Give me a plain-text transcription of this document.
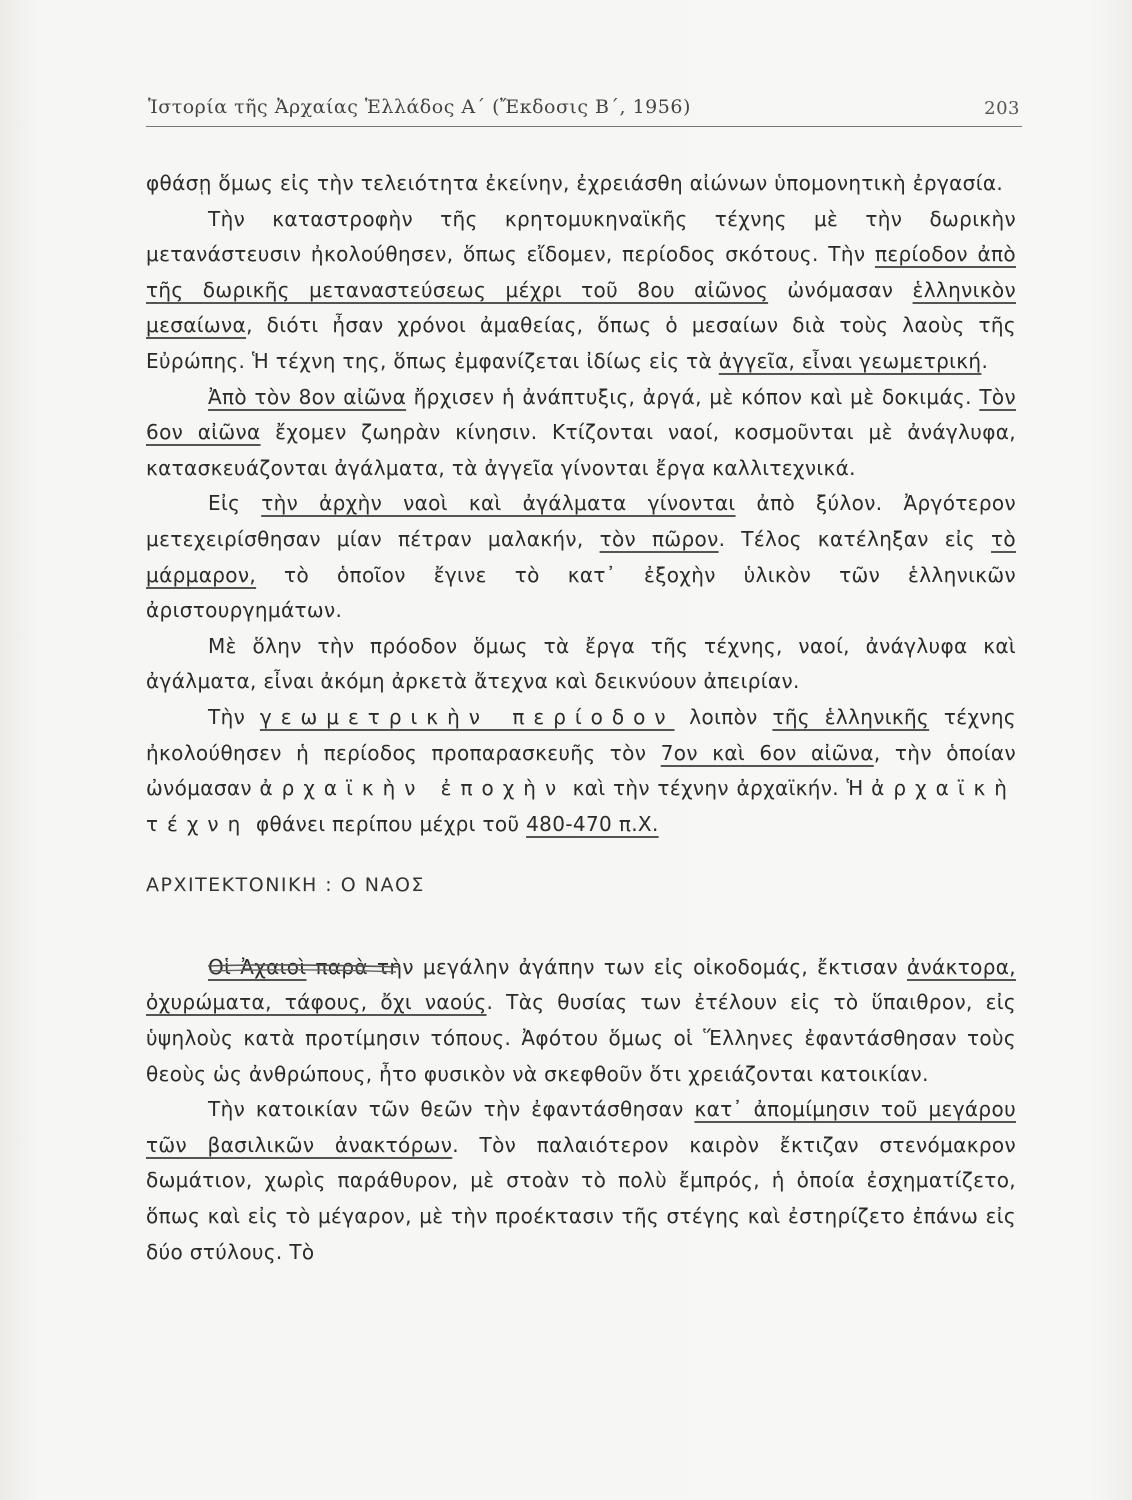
Ἱστορία τῆς Ἀρχαίας Ἑλλάδος Α΄ (Ἔκδοσις Β΄, 1956)	203

φθάσῃ ὅμως εἰς τὴν τελειότητα ἐκείνην, ἐχρειάσθη αἰώνων ὑπομονητικὴ ἐργασία.

Τὴν καταστροφὴν τῆς κρητομυκηναϊκῆς τέχνης μὲ τὴν δωρικὴν μετανάστευσιν ἠκολούθησεν, ὅπως εἴδομεν, περίοδος σκότους. Τὴν περίοδον ἀπὸ τῆς δωρικῆς μεταναστεύσεως μέχρι τοῦ 8ου αἰῶνος ὠνόμασαν ἑλληνικὸν μεσαίωνα, διότι ἦσαν χρόνοι ἀμαθείας, ὅπως ὁ μεσαίων διὰ τοὺς λαοὺς τῆς Εὐρώπης. Ἡ τέχνη της, ὅπως ἐμφανίζεται ἰδίως εἰς τὰ ἀγγεῖα, εἶναι γεωμετρική.

Ἀπὸ τὸν 8ον αἰῶνα ἤρχισεν ἡ ἀνάπτυξις, ἀργά, μὲ κόπον καὶ μὲ δοκιμάς. Τὸν 6ον αἰῶνα ἔχομεν ζωηρὰν κίνησιν. Κτίζονται ναοί, κοσμοῦνται μὲ ἀνάγλυφα, κατασκευάζονται ἀγάλματα, τὰ ἀγγεῖα γίνονται ἔργα καλλιτεχνικά.

Εἰς τὴν ἀρχὴν ναοὶ καὶ ἀγάλματα γίνονται ἀπὸ ξύλον. Ἀργότερον μετεχειρίσθησαν μίαν πέτραν μαλακήν, τὸν πῶρον. Τέλος κατέληξαν εἰς τὸ μάρμαρον, τὸ ὁποῖον ἔγινε τὸ κατ᾽ ἐξοχὴν ὑλικὸν τῶν ἑλληνικῶν ἀριστουργημάτων.

Μὲ ὅλην τὴν πρόοδον ὅμως τὰ ἔργα τῆς τέχνης, ναοί, ἀνάγλυφα καὶ ἀγάλματα, εἶναι ἀκόμη ἀρκετὰ ἄτεχνα καὶ δεικνύουν ἀπειρίαν.

Τὴν γεωμετρικὴν περίοδον λοιπὸν τῆς ἑλληνικῆς τέχνης ἠκολούθησεν ἡ περίοδος προπαρασκευῆς τὸν 7ον καὶ 6ον αἰῶνα, τὴν ὁποίαν ὠνόμασαν ἀρχαϊκὴν ἐποχὴν καὶ τὴν τέχνην ἀρχαϊκήν. Ἡ ἀρχαϊκὴ τέχνη φθάνει περίπου μέχρι τοῦ 480-470 π.Χ.

ΑΡΧΙΤΕΚΤΟΝΙΚΗ : Ο ΝΑΟΣ

Οἱ Ἀχαιοὶ παρὰ τὴν μεγάλην ἀγάπην των εἰς οἰκοδομάς, ἔκτισαν ἀνάκτορα, ὀχυρώματα, τάφους, ὄχι ναούς. Τὰς θυσίας των ἐτέλουν εἰς τὸ ὕπαιθρον, εἰς ὑψηλοὺς κατὰ προτίμησιν τόπους. Ἀφότου ὅμως οἱ Ἕλληνες ἐφαντάσθησαν τοὺς θεοὺς ὡς ἀνθρώπους, ἦτο φυσικὸν νὰ σκεφθοῦν ὅτι χρειάζονται κατοικίαν.

Τὴν κατοικίαν τῶν θεῶν τὴν ἐφαντάσθησαν κατ᾽ ἀπομίμησιν τοῦ μεγάρου τῶν βασιλικῶν ἀνακτόρων. Τὸν παλαιότερον καιρὸν ἔκτιζαν στενόμακρον δωμάτιον, χωρὶς παράθυρον, μὲ στοὰν τὸ πολὺ ἔμπρός, ἡ ὁποία ἐσχηματίζετο, ὅπως καὶ εἰς τὸ μέγαρον, μὲ τὴν προέκτασιν τῆς στέγης καὶ ἐστηρίζετο ἐπάνω εἰς δύο στύλους. Τὸ
